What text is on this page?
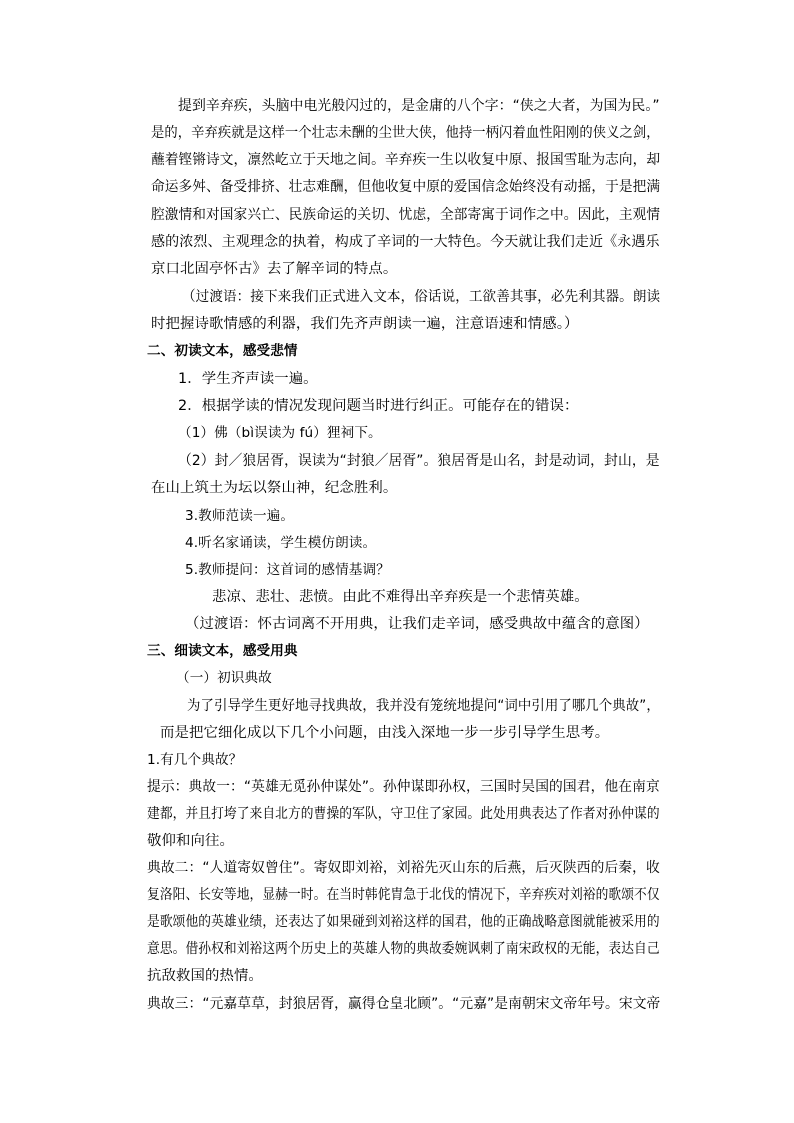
提到辛弃疾，头脑中电光般闪过的，是金庸的八个字：“侠之大者，为国为民。”
是的，辛弃疾就是这样一个壮志未酬的尘世大侠，他持一柄闪着血性阳刚的侠义之剑，
蘸着铿锵诗文，凛然屹立于天地之间。辛弃疾一生以收复中原、报国雪耻为志向，却
命运多舛、备受排挤、壮志难酬，但他收复中原的爱国信念始终没有动摇，于是把满
腔激情和对国家兴亡、民族命运的关切、忧虑，全部寄寓于词作之中。因此，主观情
感的浓烈、主观理念的执着，构成了辛词的一大特色。今天就让我们走近《永遇乐
京口北固亭怀古》去了解辛词的特点。
（过渡语：接下来我们正式进入文本，俗话说，工欲善其事，必先利其器。朗读
时把握诗歌情感的利器，我们先齐声朗读一遍，注意语速和情感。）
二、初读文本，感受悲情
1．学生齐声读一遍。
2．根据学读的情况发现问题当时进行纠正。可能存在的错误：
（1）佛（bì误读为 fú）狸祠下。
（2）封／狼居胥，误读为“封狼／居胥”。狼居胥是山名，封是动词，封山，是
在山上筑土为坛以祭山神，纪念胜利。
3.教师范读一遍。
4.听名家诵读，学生模仿朗读。
5.教师提问：这首词的感情基调？
悲凉、悲壮、悲愤。由此不难得出辛弃疾是一个悲情英雄。
（过渡语：怀古词离不开用典，让我们走辛词，感受典故中蕴含的意图）
三、细读文本，感受用典
（一）初识典故
为了引导学生更好地寻找典故，我并没有笼统地提问“词中引用了哪几个典故”，
而是把它细化成以下几个小问题，由浅入深地一步一步引导学生思考。
1.有几个典故？
提示：典故一：“英雄无觅孙仲谋处”。孙仲谋即孙权，三国时吴国的国君，他在南京
建都，并且打垮了来自北方的曹操的军队，守卫住了家园。此处用典表达了作者对孙仲谋的
敬仰和向往。
典故二：“人道寄奴曾住”。寄奴即刘裕，刘裕先灭山东的后燕，后灭陕西的后秦，收
复洛阳、长安等地，显赫一时。在当时韩侂胄急于北伐的情况下，辛弃疾对刘裕的歌颂不仅
是歌颂他的英雄业绩，还表达了如果碰到刘裕这样的国君，他的正确战略意图就能被采用的
意思。借孙权和刘裕这两个历史上的英雄人物的典故委婉讽刺了南宋政权的无能，表达自己
抗敌救国的热情。
典故三：“元嘉草草，封狼居胥，赢得仓皇北顾”。“元嘉”是南朝宋文帝年号。宋文帝
